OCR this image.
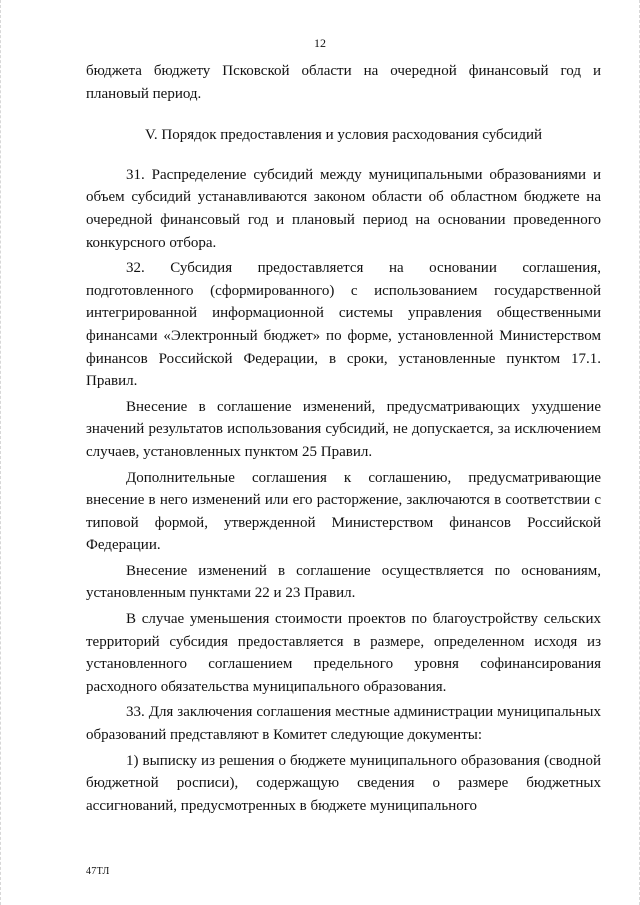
12

бюджета бюджету Псковской области на очередной финансовый год и плановый период.

V. Порядок предоставления и условия расходования субсидий

31. Распределение субсидий между муниципальными образованиями и объем субсидий устанавливаются законом области об областном бюджете на очередной финансовый год и плановый период на основании проведенного конкурсного отбора.

32. Субсидия предоставляется на основании соглашения, подготовленного (сформированного) с использованием государственной интегрированной информационной системы управления общественными финансами «Электронный бюджет» по форме, установленной Министерством финансов Российской Федерации, в сроки, установленные пунктом 17.1. Правил.

Внесение в соглашение изменений, предусматривающих ухудшение значений результатов использования субсидий, не допускается, за исключением случаев, установленных пунктом 25 Правил.

Дополнительные соглашения к соглашению, предусматривающие внесение в него изменений или его расторжение, заключаются в соответствии с типовой формой, утвержденной Министерством финансов Российской Федерации.

Внесение изменений в соглашение осуществляется по основаниям, установленным пунктами 22 и 23 Правил.

В случае уменьшения стоимости проектов по благоустройству сельских территорий субсидия предоставляется в размере, определенном исходя из установленного соглашением предельного уровня софинансирования расходного обязательства муниципального образования.

33. Для заключения соглашения местные администрации муниципальных образований представляют в Комитет следующие документы:

1) выписку из решения о бюджете муниципального образования (сводной бюджетной росписи), содержащую сведения о размере бюджетных ассигнований, предусмотренных в бюджете муниципального

47ТЛ
